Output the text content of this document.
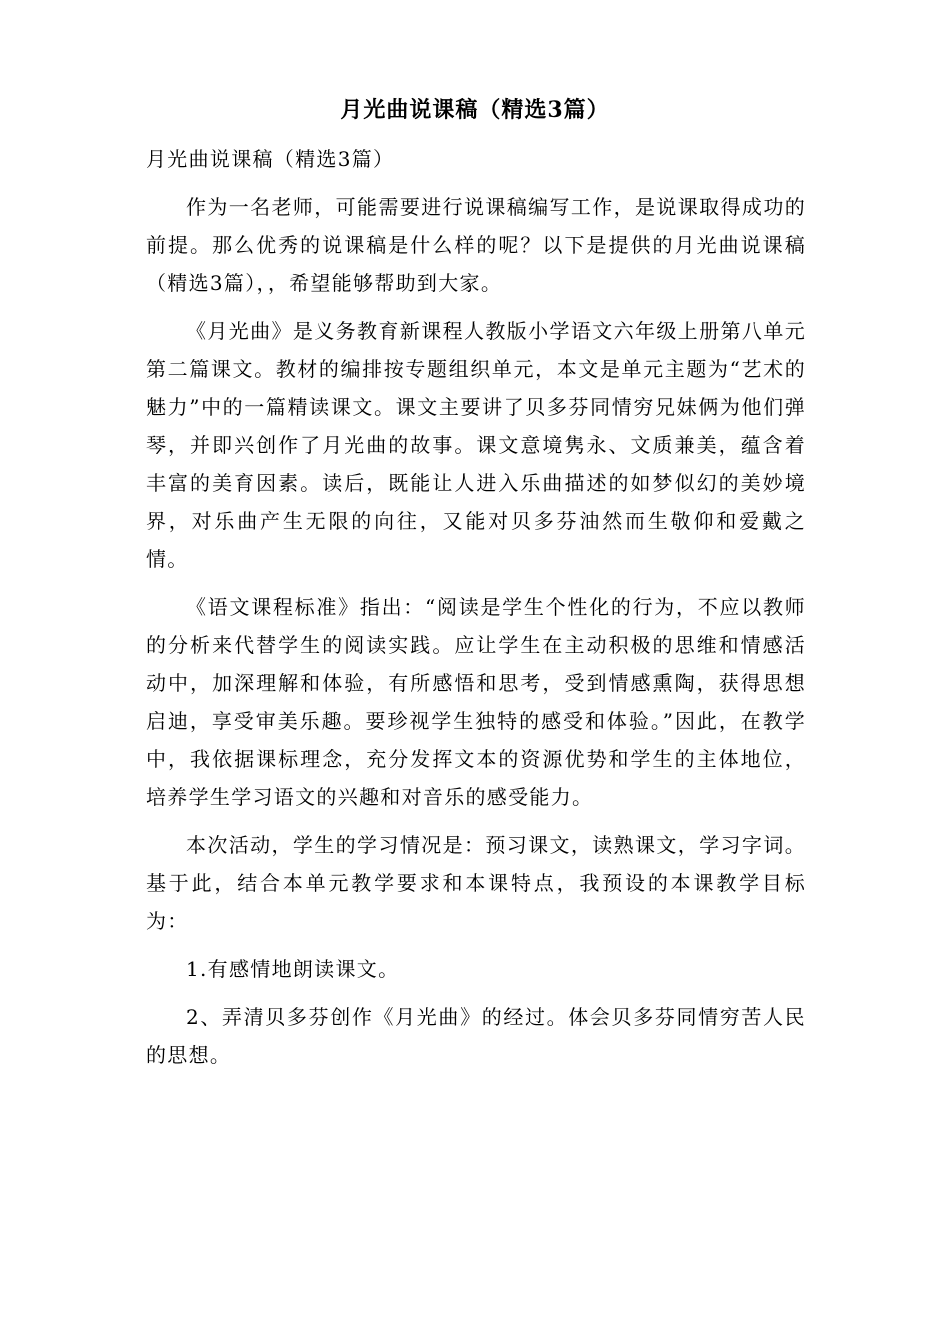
月光曲说课稿（精选3篇）

月光曲说课稿（精选3篇）

作为一名老师，可能需要进行说课稿编写工作，是说课取得成功的前提。那么优秀的说课稿是什么样的呢？以下是提供的月光曲说课稿（精选3篇），，希望能够帮助到大家。

《月光曲》是义务教育新课程人教版小学语文六年级上册第八单元第二篇课文。教材的编排按专题组织单元，本文是单元主题为“艺术的魅力”中的一篇精读课文。课文主要讲了贝多芬同情穷兄妹俩为他们弹琴，并即兴创作了月光曲的故事。课文意境隽永、文质兼美，蕴含着丰富的美育因素。读后，既能让人进入乐曲描述的如梦似幻的美妙境界，对乐曲产生无限的向往，又能对贝多芬油然而生敬仰和爱戴之情。

《语文课程标准》指出：“阅读是学生个性化的行为，不应以教师的分析来代替学生的阅读实践。应让学生在主动积极的思维和情感活动中，加深理解和体验，有所感悟和思考，受到情感熏陶，获得思想启迪，享受审美乐趣。要珍视学生独特的感受和体验。”因此，在教学中，我依据课标理念，充分发挥文本的资源优势和学生的主体地位，培养学生学习语文的兴趣和对音乐的感受能力。

本次活动，学生的学习情况是：预习课文，读熟课文，学习字词。基于此，结合本单元教学要求和本课特点，我预设的本课教学目标为：

1.有感情地朗读课文。

2、弄清贝多芬创作《月光曲》的经过。体会贝多芬同情穷苦人民的思想。
